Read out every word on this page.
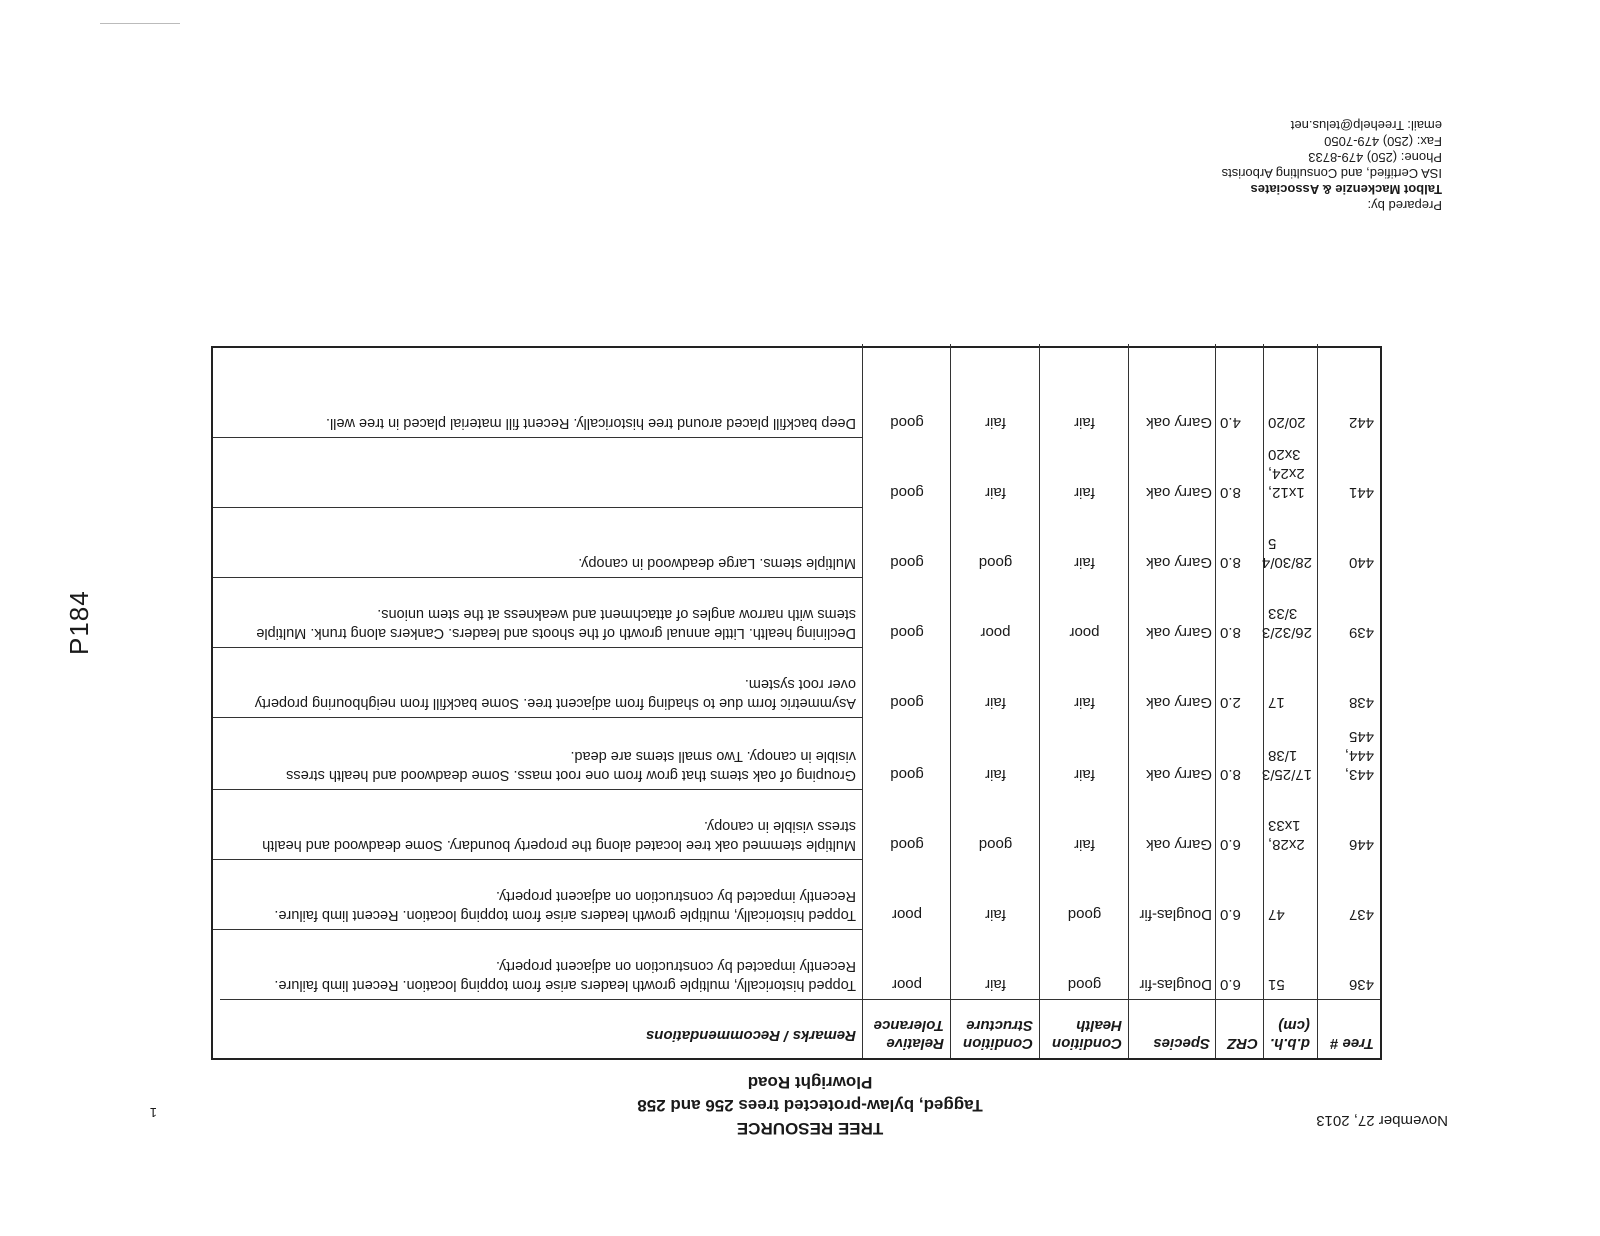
P184
November 27, 2013
TREE RESOURCE
Tagged, bylaw-protected trees 256 and 258 Plowright Road
1
Tree #
d.b.h. (cm)
CRZ
Species
Condition Health
Condition Structure
Relative Tolerance
Remarks / Recommendations
436
51
6.0
Douglas-fir
good
fair
poor
Topped historically, multiple growth leaders arise from topping location. Recent limb failure. Recently impacted by construction on adjacent property.
437
47
6.0
Douglas-fir
good
fair
poor
Topped historically, multiple growth leaders arise from topping location. Recent limb failure. Recently impacted by construction on adjacent property.
446
2x28, 1x33
6.0
Garry oak
fair
good
good
Multiple stemmed oak tree located along the property boundary. Some deadwood and health stress visible in canopy.
443, 444, 445
17/25/3 1/38
8.0
Garry oak
fair
fair
good
Grouping of oak stems that grow from one root mass. Some deadwood and health stress visible in canopy. Two small stems are dead.
438
17
2.0
Garry oak
fair
fair
good
Asymmetric form due to shading from adjacent tree. Some backfill from neighbouring property over root system.
439
26/32/3 3/33
8.0
Garry oak
poor
poor
good
Declining health. Little annual growth of the shoots and leaders. Cankers along trunk. Multiple stems with narrow angles of attachment and weakness at the stem unions.
440
28/30/4 5
8.0
Garry oak
fair
good
good
Multiple stems. Large deadwood in canopy.
441
1x12, 2x24, 3x20
8.0
Garry oak
fair
fair
good
442
20/20
4.0
Garry oak
fair
fair
good
Deep backfill placed around tree historically. Recent fill material placed in tree well.
Prepared by:
Talbot Mackenzie & Associates
ISA Certified, and Consulting Arborists
Phone: (250) 479-8733
Fax: (250) 479-7050
email: Treehelp@telus.net
